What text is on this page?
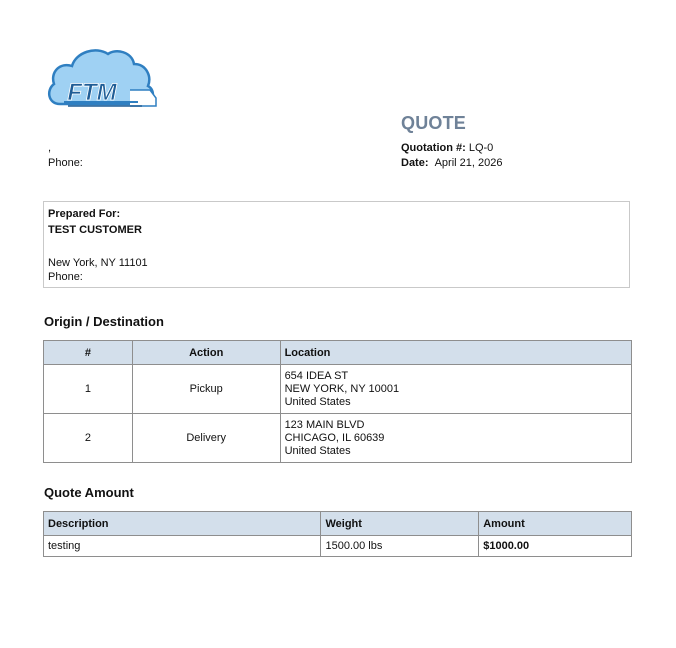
FTM
,
Phone:
QUOTE
Quotation #: LQ-0
Date: April 21, 2026
Prepared For:
TEST CUSTOMER
New York, NY 11101
Phone:
Origin / Destination
#	Action	Location
1	Pickup	654 IDEA ST
NEW YORK, NY 10001
United States

2	Delivery	123 MAIN BLVD
CHICAGO, IL 60639
United States
Quote Amount
Description	Weight	Amount
testing	1500.00 lbs	$1000.00
